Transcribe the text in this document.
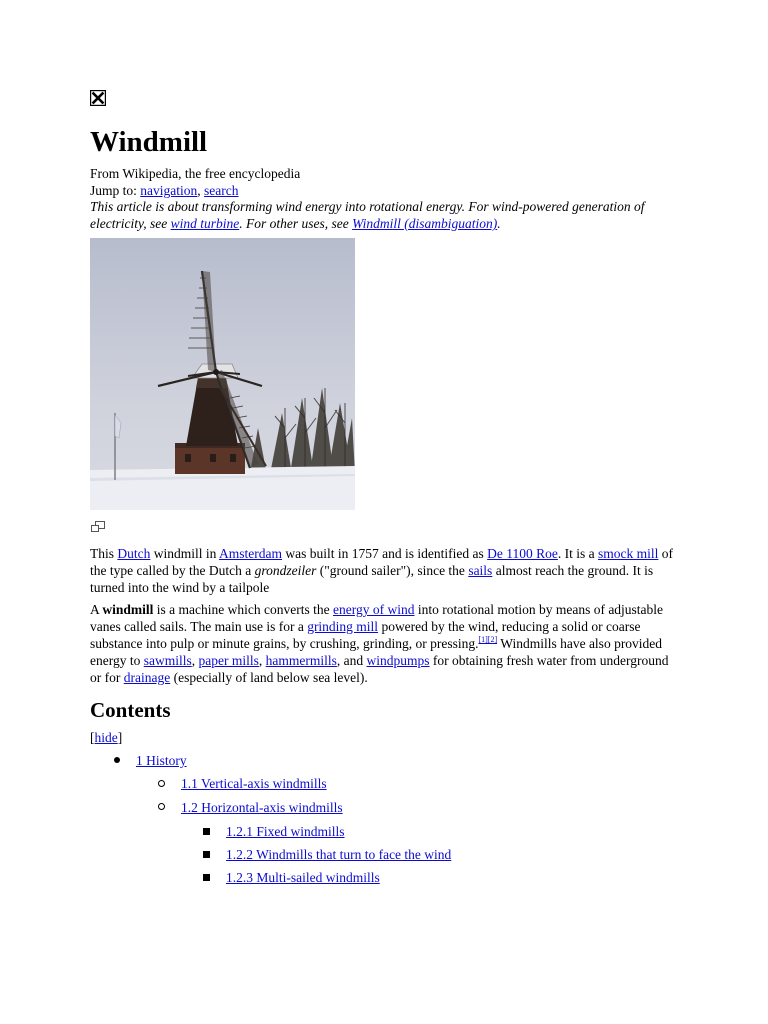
Windmill
From Wikipedia, the free encyclopedia
Jump to: navigation, search
This article is about transforming wind energy into rotational energy. For wind-powered generation of electricity, see wind turbine. For other uses, see Windmill (disambiguation).
This Dutch windmill in Amsterdam was built in 1757 and is identified as De 1100 Roe. It is a smock mill of the type called by the Dutch a grondzeiler ("ground sailer"), since the sails almost reach the ground. It is turned into the wind by a tailpole

A windmill is a machine which converts the energy of wind into rotational motion by means of adjustable vanes called sails. The main use is for a grinding mill powered by the wind, reducing a solid or coarse substance into pulp or minute grains, by crushing, grinding, or pressing.[1][2] Windmills have also provided energy to sawmills, paper mills, hammermills, and windpumps for obtaining fresh water from underground or for drainage (especially of land below sea level).

Contents
[hide]
1 History
1.1 Vertical-axis windmills
1.2 Horizontal-axis windmills
1.2.1 Fixed windmills
1.2.2 Windmills that turn to face the wind
1.2.3 Multi-sailed windmills
